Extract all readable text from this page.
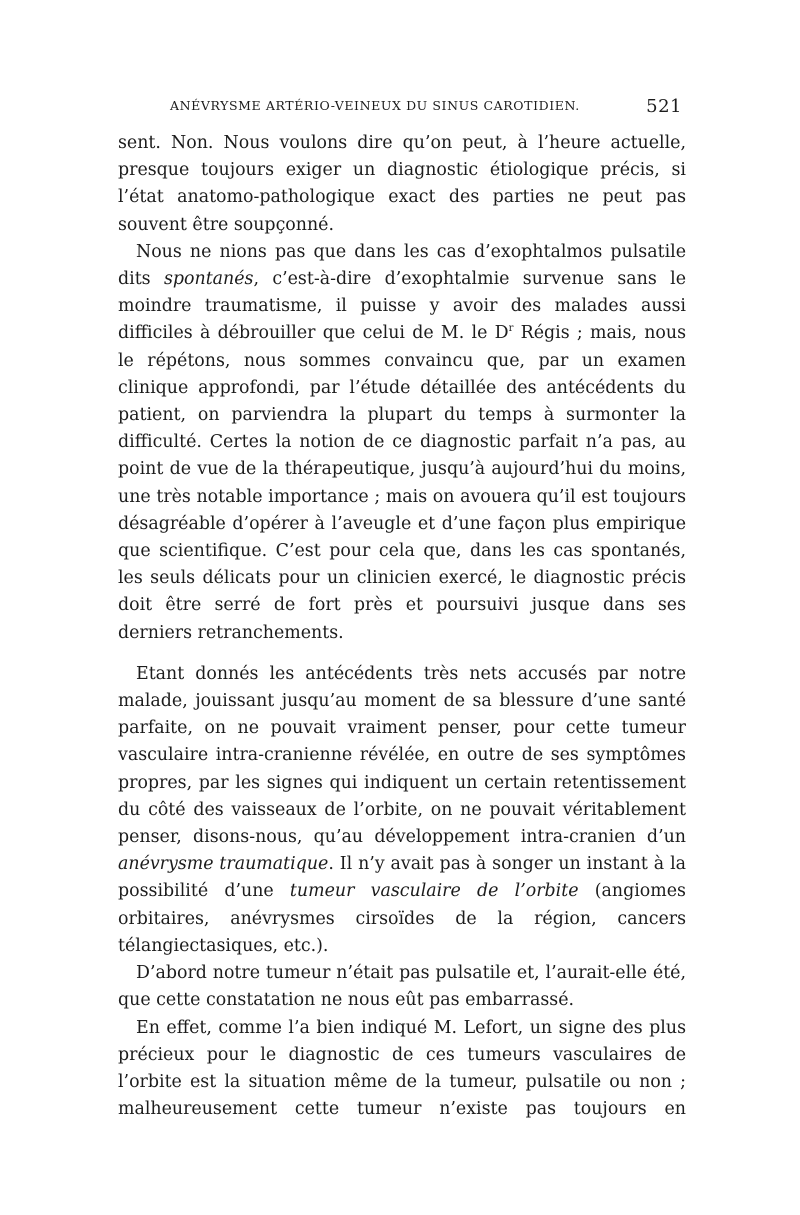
ANÉVRYSME ARTÉRIO-VEINEUX DU SINUS CAROTIDIEN.	521

sent. Non. Nous voulons dire qu’on peut, à l’heure actuelle, presque toujours exiger un diagnostic étiologique précis, si l’état anatomo-pathologique exact des parties ne peut pas souvent être soupçonné.

Nous ne nions pas que dans les cas d’exophtalmos pulsatile dits spontanés, c’est-à-dire d’exophtalmie survenue sans le moindre traumatisme, il puisse y avoir des malades aussi difficiles à débrouiller que celui de M. le $D^r$ Régis ; mais, nous le répétons, nous sommes convaincu que, par un examen clinique approfondi, par l’étude détaillée des antécédents du patient, on parviendra la plupart du temps à surmonter la difficulté. Certes la notion de ce diagnostic parfait n’a pas, au point de vue de la thérapeutique, jusqu’à aujourd’hui du moins, une très notable importance ; mais on avouera qu’il est toujours désagréable d’opérer à l’aveugle et d’une façon plus empirique que scientifique. C’est pour cela que, dans les cas spontanés, les seuls délicats pour un clinicien exercé, le diagnostic précis doit être serré de fort près et poursuivi jusque dans ses derniers retranchements.

Etant donnés les antécédents très nets accusés par notre malade, jouissant jusqu’au moment de sa blessure d’une santé parfaite, on ne pouvait vraiment penser, pour cette tumeur vasculaire intra-cranienne révélée, en outre de ses symptômes propres, par les signes qui indiquent un certain retentissement du côté des vaisseaux de l’orbite, on ne pouvait véritablement penser, disons-nous, qu’au développement intra-cranien d’un anévrysme traumatique. Il n’y avait pas à songer un instant à la possibilité d’une tumeur vasculaire de l’orbite (angiomes orbitaires, anévrysmes cirsoïdes de la région, cancers télangiectasiques, etc.).

D’abord notre tumeur n’était pas pulsatile et, l’aurait-elle été, que cette constatation ne nous eût pas embarrassé.

En effet, comme l’a bien indiqué M. Lefort, un signe des plus précieux pour le diagnostic de ces tumeurs vasculaires de l’orbite est la situation même de la tumeur, pulsatile ou non ; malheureusement cette tumeur n’existe pas toujours en
